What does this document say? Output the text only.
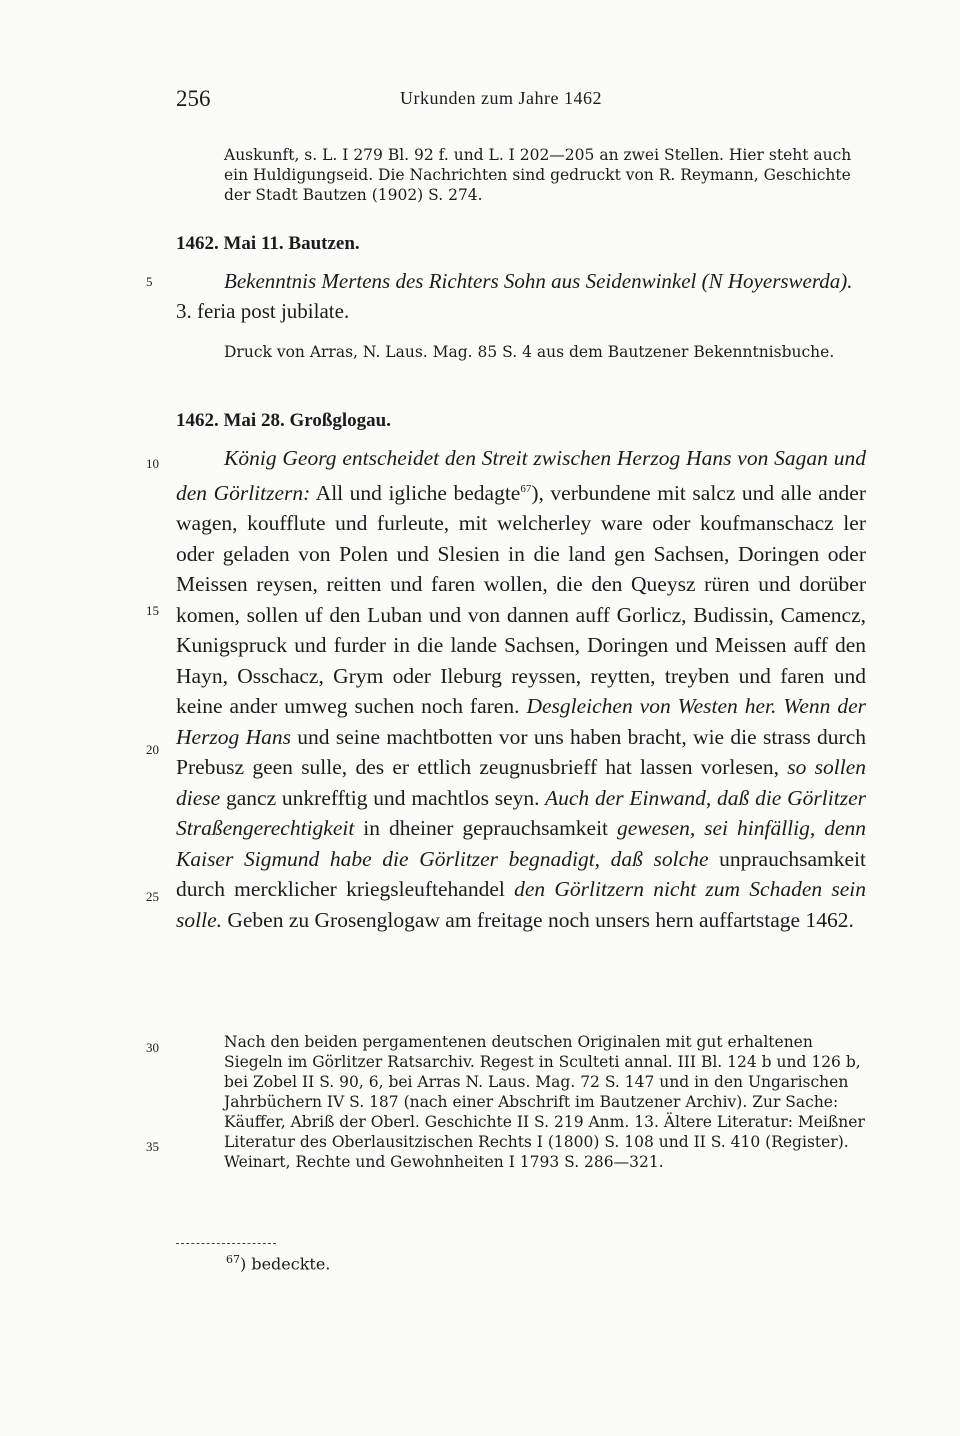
256	Urkunden zum Jahre 1462
Auskunft, s. L. I 279 Bl. 92 f. und L. I 202—205 an zwei Stellen. Hier steht auch ein Huldigungseid. Die Nachrichten sind gedruckt von R. Reymann, Geschichte der Stadt Bautzen (1902) S. 274.
1462. Mai 11. Bautzen.
Bekenntnis Mertens des Richters Sohn aus Seidenwinkel (N Hoyerswerda). 3. feria post jubilate.
Druck von Arras, N. Laus. Mag. 85 S. 4 aus dem Bautzener Bekenntnisbuche.
1462. Mai 28. Großglogau.
König Georg entscheidet den Streit zwischen Herzog Hans von Sagan und den Görlitzern: All und igliche bedagte$^{67}$), verbundene mit salcz und alle ander wagen, koufflute und furleute, mit welcherley ware oder koufmanschacz ler oder geladen von Polen und Slesien in die land gen Sachsen, Doringen oder Meissen reysen, reitten und faren wollen, die den Queysz rüren und dorüber komen, sollen uf den Luban und von dannen auff Gorlicz, Budissin, Camencz, Kunigspruck und furder in die lande Sachsen, Doringen und Meissen auff den Hayn, Osschacz, Grym oder Ileburg reyssen, reytten, treyben und faren und keine ander umweg suchen noch faren. Desgleichen von Westen her. Wenn der Herzog Hans und seine machtbotten vor uns haben bracht, wie die strass durch Prebusz geen sulle, des er ettlich zeugnusbrieff hat lassen vorlesen, so sollen diese gancz unkrefftig und machtlos seyn. Auch der Einwand, daß die Görlitzer Straßengerechtigkeit in dheiner geprauchsamkeit gewesen, sei hinfällig, denn Kaiser Sigmund habe die Görlitzer begnadigt, daß solche unprauchsamkeit durch mercklicher kriegsleuftehandel den Görlitzern nicht zum Schaden sein solle. Geben zu Grosenglogaw am freitage noch unsers hern auffartstage 1462.
Nach den beiden pergamentenen deutschen Originalen mit gut erhaltenen Siegeln im Görlitzer Ratsarchiv. Regest in Sculteti annal. III Bl. 124 b und 126 b, bei Zobel II S. 90, 6, bei Arras N. Laus. Mag. 72 S. 147 und in den Ungarischen Jahrbüchern IV S. 187 (nach einer Abschrift im Bautzener Archiv). Zur Sache: Käuffer, Abriß der Oberl. Geschichte II S. 219 Anm. 13. Ältere Literatur: Meißner Literatur des Oberlausitzischen Rechts I (1800) S. 108 und II S. 410 (Register). Weinart, Rechte und Gewohnheiten I 1793 S. 286—321.
5
10
15
20
25
30
35
$^{67}$) bedeckte.
